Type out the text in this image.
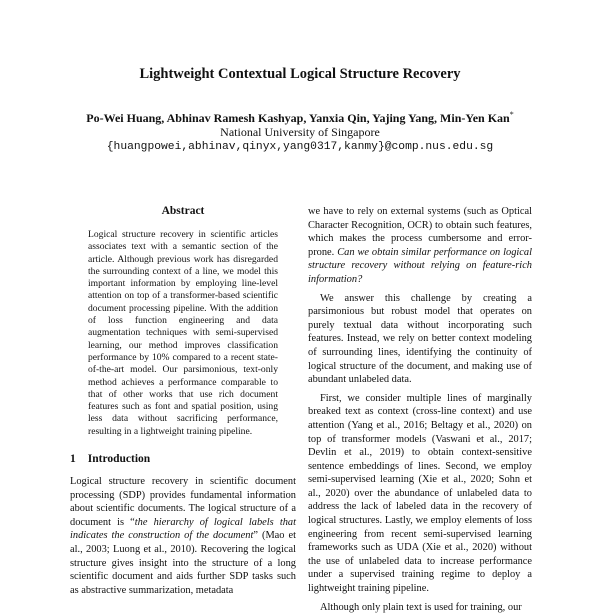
Lightweight Contextual Logical Structure Recovery
Po-Wei Huang, Abhinav Ramesh Kashyap, Yanxia Qin, Yajing Yang, Min-Yen Kan*
National University of Singapore
{huangpowei,abhinav,qinyx,yang0317,kanmy}@comp.nus.edu.sg
Abstract

Logical structure recovery in scientific articles associates text with a semantic section of the article. Although previous work has disregarded the surrounding context of a line, we model this important information by employing line-level attention on top of a transformer-based scientific document processing pipeline. With the addition of loss function engineering and data augmentation techniques with semi-supervised learning, our method improves classification performance by 10% compared to a recent state-of-the-art model. Our parsimonious, text-only method achieves a performance comparable to that of other works that use rich document features such as font and spatial position, using less data without sacrificing performance, resulting in a lightweight training pipeline.

1 Introduction

Logical structure recovery in scientific document processing (SDP) provides fundamental information about scientific documents. The logical structure of a document is “the hierarchy of logical labels that indicates the construction of the document” (Mao et al., 2003; Luong et al., 2010). Recovering the logical structure gives insight into the structure of a long scientific document and aids further SDP tasks such as abstractive summarization, metadata

we have to rely on external systems (such as Optical Character Recognition, OCR) to obtain such features, which makes the process cumbersome and error-prone. Can we obtain similar performance on logical structure recovery without relying on feature-rich information?

We answer this challenge by creating a parsimonious but robust model that operates on purely textual data without incorporating such features. Instead, we rely on better context modeling of surrounding lines, identifying the continuity of logical structure of the document, and making use of abundant unlabeled data.

First, we consider multiple lines of marginally breaked text as context (cross-line context) and use attention (Yang et al., 2016; Beltagy et al., 2020) on top of transformer models (Vaswani et al., 2017; Devlin et al., 2019) to obtain context-sensitive sentence embeddings of lines. Second, we employ semi-supervised learning (Xie et al., 2020; Sohn et al., 2020) over the abundance of unlabeled data to address the lack of labeled data in the recovery of logical structures. Lastly, we employ elements of loss engineering from recent semi-supervised learning frameworks such as UDA (Xie et al., 2020) without the use of unlabeled data to increase performance under a supervised training regime to deploy a lightweight training pipeline.

Although only plain text is used for training, our
